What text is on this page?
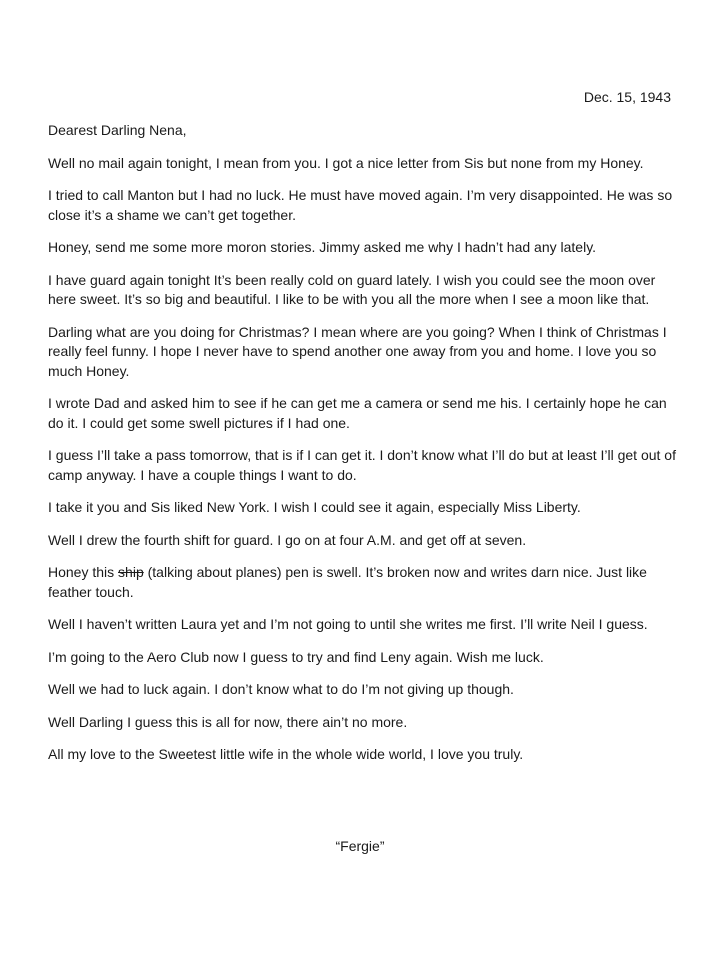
Dec. 15, 1943
Dearest Darling Nena,
Well no mail again tonight, I mean from you. I got a nice letter from Sis but none from my Honey.
I tried to call Manton but I had no luck. He must have moved again. I’m very disappointed. He was so close it’s a shame we can’t get together.
Honey, send me some more moron stories. Jimmy asked me why I hadn’t had any lately.
I have guard again tonight It’s been really cold on guard lately. I wish you could see the moon over here sweet. It’s so big and beautiful. I like to be with you all the more when I see a moon like that.
Darling what are you doing for Christmas? I mean where are you going? When I think of Christmas I really feel funny. I hope I never have to spend another one away from you and home. I love you so much Honey.
I wrote Dad and asked him to see if he can get me a camera or send me his. I certainly hope he can do it. I could get some swell pictures if I had one.
I guess I’ll take a pass tomorrow, that is if I can get it. I don’t know what I’ll do but at least I’ll get out of camp anyway. I have a couple things I want to do.
I take it you and Sis liked New York. I wish I could see it again, especially Miss Liberty.
Well I drew the fourth shift for guard. I go on at four A.M. and get off at seven.
Honey this ship (talking about planes) pen is swell. It’s broken now and writes darn nice. Just like feather touch.
Well I haven’t written Laura yet and I’m not going to until she writes me first. I’ll write Neil I guess.
I’m going to the Aero Club now I guess to try and find Leny again. Wish me luck.
Well we had to luck again. I don’t know what to do I’m not giving up though.
Well Darling I guess this is all for now, there ain’t no more.
All my love to the Sweetest little wife in the whole wide world, I love you truly.
“Fergie”
